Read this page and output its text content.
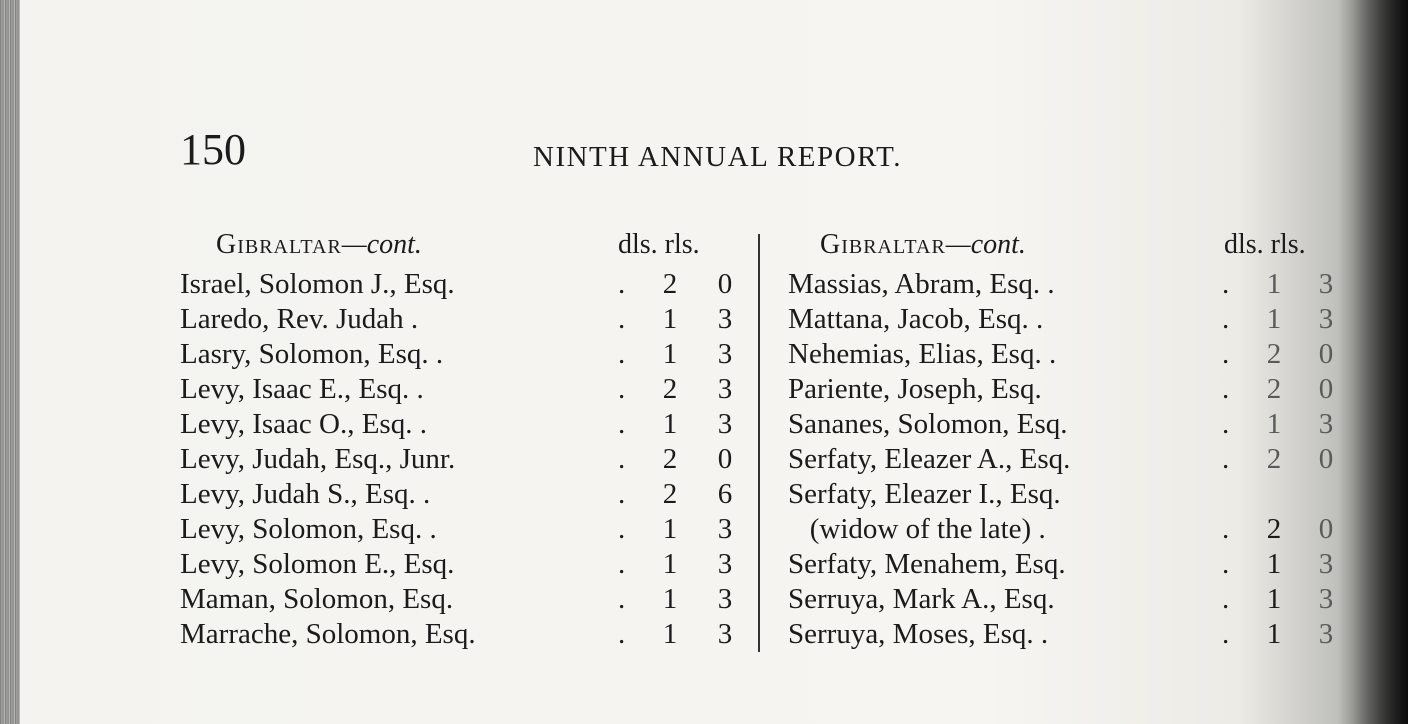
150	NINTH ANNUAL REPORT.
Gibraltar—cont.	dls. rls.	Gibraltar—cont.	dls. rls.
Israel, Solomon J., Esq.	. 2 0
Laredo, Rev. Judah .	. 1 3
Lasry, Solomon, Esq. .	. 1 3
Levy, Isaac E., Esq. .	. 2 3
Levy, Isaac O., Esq. .	. 1 3
Levy, Judah, Esq., Junr.	. 2 0
Levy, Judah S., Esq. .	. 2 6
Levy, Solomon, Esq. .	. 1 3
Levy, Solomon E., Esq.	. 1 3
Maman, Solomon, Esq.	. 1 3
Marrache, Solomon, Esq.	. 1 3
Massias, Abram, Esq. .	. 1 3
Mattana, Jacob, Esq. .	. 1 3
Nehemias, Elias, Esq. .	. 2 0
Pariente, Joseph, Esq.	. 2 0
Sananes, Solomon, Esq.	. 1 3
Serfaty, Eleazer A., Esq.	. 2 0
Serfaty, Eleazer I., Esq.
(widow of the late) .	. 2 0
Serfaty, Menahem, Esq.	. 1 3
Serruya, Mark A., Esq.	. 1 3
Serruya, Moses, Esq. .	. 1 3
